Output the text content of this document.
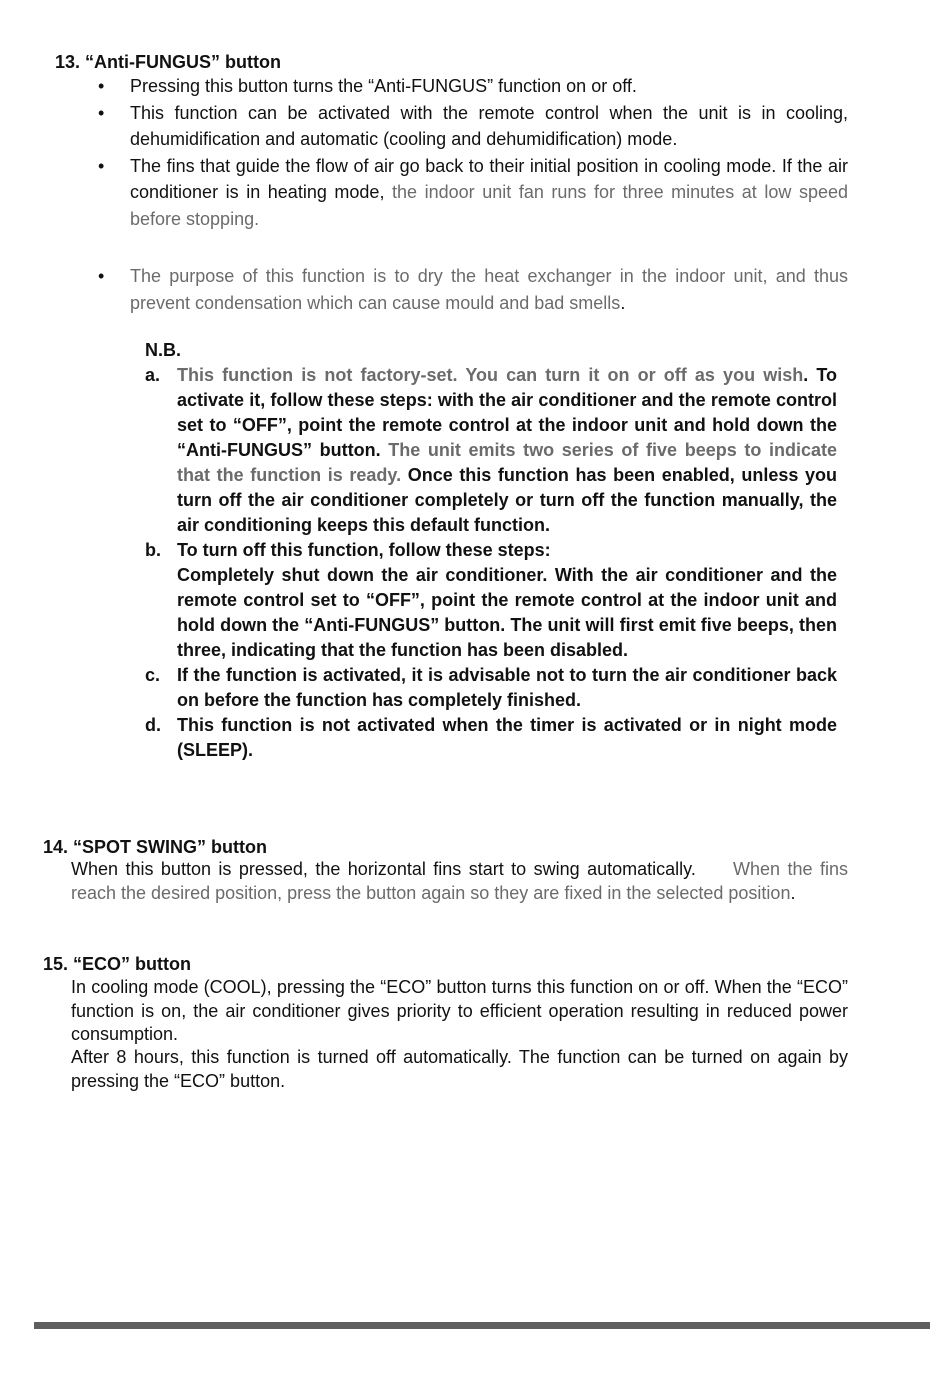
13. “Anti-FUNGUS” button
• Pressing this button turns the “Anti-FUNGUS” function on or off.
• This function can be activated with the remote control when the unit is in cooling, dehumidification and automatic (cooling and dehumidification) mode.
• The fins that guide the flow of air go back to their initial position in cooling mode. If the air conditioner is in heating mode, the indoor unit fan runs for three minutes at low speed before stopping.
• The purpose of this function is to dry the heat exchanger in the indoor unit, and thus prevent condensation which can cause mould and bad smells.
N.B.
a. This function is not factory-set. You can turn it on or off as you wish. To activate it, follow these steps: with the air conditioner and the remote control set to “OFF”, point the remote control at the indoor unit and hold down the “Anti-FUNGUS” button. The unit emits two series of five beeps to indicate that the function is ready. Once this function has been enabled, unless you turn off the air conditioner completely or turn off the function manually, the air conditioning keeps this default function.
b. To turn off this function, follow these steps:
Completely shut down the air conditioner. With the air conditioner and the remote control set to “OFF”, point the remote control at the indoor unit and hold down the “Anti-FUNGUS” button. The unit will first emit five beeps, then three, indicating that the function has been disabled.
c. If the function is activated, it is advisable not to turn the air conditioner back on before the function has completely finished.
d. This function is not activated when the timer is activated or in night mode (SLEEP).
14. “SPOT SWING” button

When this button is pressed, the horizontal fins start to swing automatically. When the fins reach the desired position, press the button again so they are fixed in the selected position.

15. “ECO” button

In cooling mode (COOL), pressing the “ECO” button turns this function on or off. When the “ECO” function is on, the air conditioner gives priority to efficient operation resulting in reduced power consumption.

After 8 hours, this function is turned off automatically. The function can be turned on again by pressing the “ECO” button.
